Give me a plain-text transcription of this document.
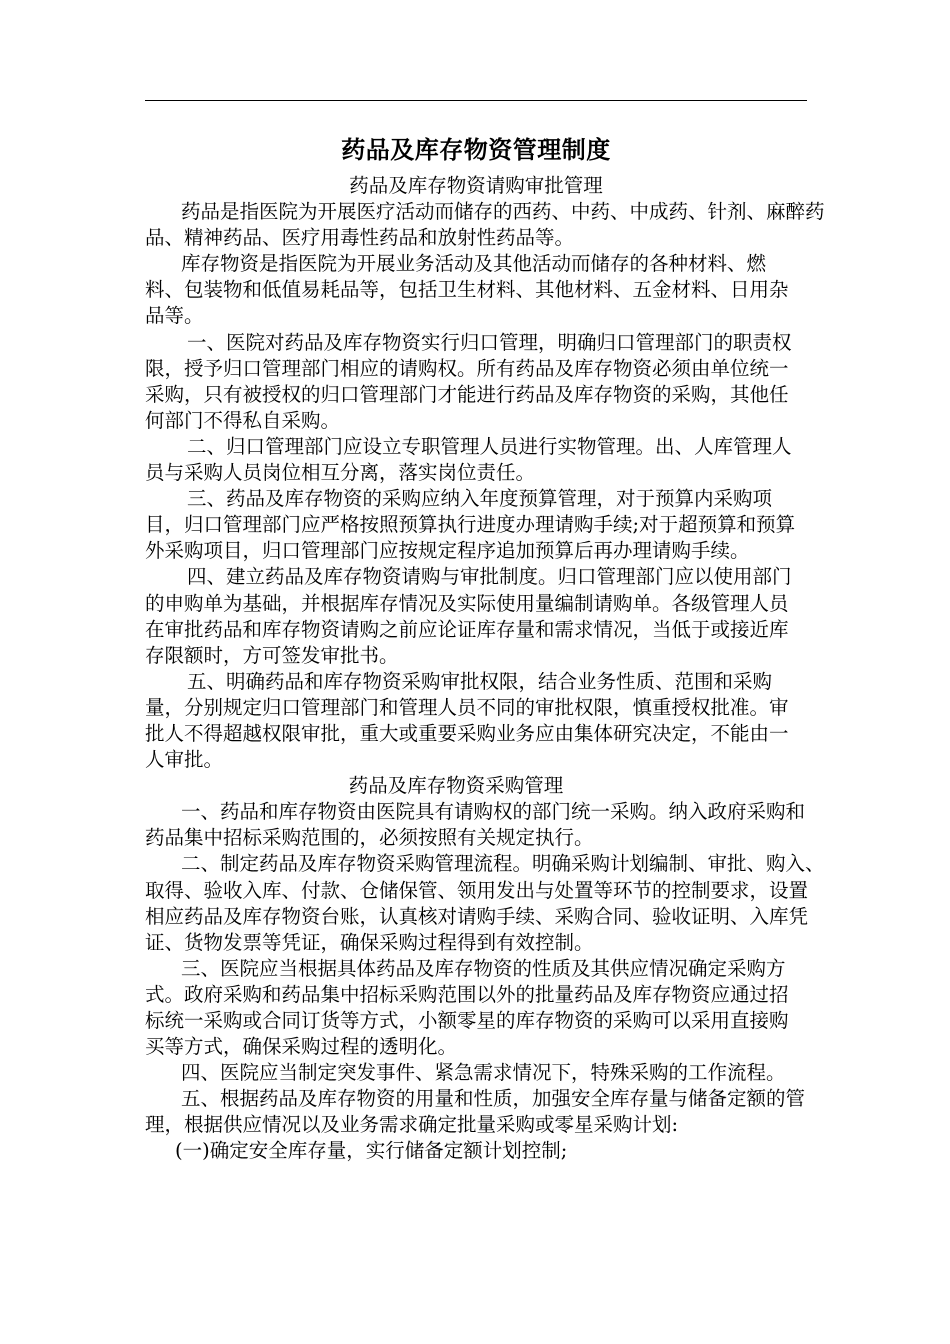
药品及库存物资管理制度

药品及库存物资请购审批管理

药品是指医院为开展医疗活动而储存的西药、中药、中成药、针剂、麻醉药品、精神药品、医疗用毒性药品和放射性药品等。

库存物资是指医院为开展业务活动及其他活动而储存的各种材料、燃料、包装物和低值易耗品等，包括卫生材料、其他材料、五金材料、日用杂品等。

一、医院对药品及库存物资实行归口管理，明确归口管理部门的职责权限，授予归口管理部门相应的请购权。所有药品及库存物资必须由单位统一采购，只有被授权的归口管理部门才能进行药品及库存物资的采购，其他任何部门不得私自采购。

二、归口管理部门应设立专职管理人员进行实物管理。出、人库管理人员与采购人员岗位相互分离，落实岗位责任。

三、药品及库存物资的采购应纳入年度预算管理，对于预算内采购项目，归口管理部门应严格按照预算执行进度办理请购手续;对于超预算和预算外采购项目，归口管理部门应按规定程序追加预算后再办理请购手续。

四、建立药品及库存物资请购与审批制度。归口管理部门应以使用部门的申购单为基础，并根据库存情况及实际使用量编制请购单。各级管理人员在审批药品和库存物资请购之前应论证库存量和需求情况，当低于或接近库存限额时，方可签发审批书。

五、明确药品和库存物资采购审批权限，结合业务性质、范围和采购量，分别规定归口管理部门和管理人员不同的审批权限，慎重授权批准。审批人不得超越权限审批，重大或重要采购业务应由集体研究决定，不能由一人审批。

药品及库存物资采购管理

一、药品和库存物资由医院具有请购权的部门统一采购。纳入政府采购和药品集中招标采购范围的，必须按照有关规定执行。

二、制定药品及库存物资采购管理流程。明确采购计划编制、审批、购入、取得、验收入库、付款、仓储保管、领用发出与处置等环节的控制要求，设置相应药品及库存物资台账，认真核对请购手续、采购合同、验收证明、入库凭证、货物发票等凭证，确保采购过程得到有效控制。

三、医院应当根据具体药品及库存物资的性质及其供应情况确定采购方式。政府采购和药品集中招标采购范围以外的批量药品及库存物资应通过招标统一采购或合同订货等方式，小额零星的库存物资的采购可以采用直接购买等方式，确保采购过程的透明化。

四、医院应当制定突发事件、紧急需求情况下，特殊采购的工作流程。

五、根据药品及库存物资的用量和性质，加强安全库存量与储备定额的管理，根据供应情况以及业务需求确定批量采购或零星采购计划:

(一)确定安全库存量，实行储备定额计划控制;
